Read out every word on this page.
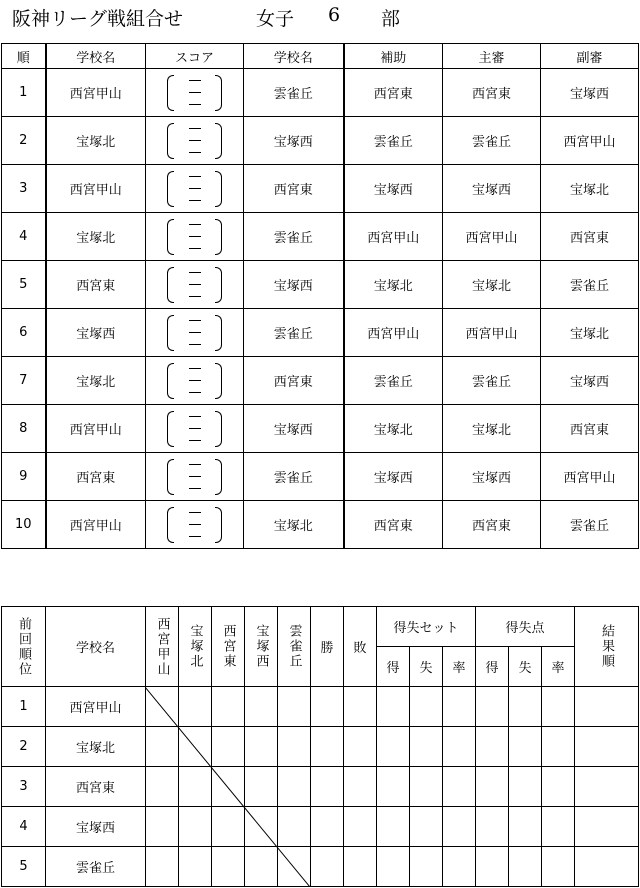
阪神リーグ戦組合せ	女子 6 部
順	学校名	スコア	学校名	補助	主審	副審
1	西宮甲山		雲雀丘	西宮東	西宮東	宝塚西
2	宝塚北		宝塚西	雲雀丘	雲雀丘	西宮甲山
3	西宮甲山		西宮東	宝塚西	宝塚西	宝塚北
4	宝塚北		雲雀丘	西宮甲山	西宮甲山	西宮東
5	西宮東		宝塚西	宝塚北	宝塚北	雲雀丘
6	宝塚西		雲雀丘	西宮甲山	西宮甲山	宝塚北
7	宝塚北		西宮東	雲雀丘	雲雀丘	宝塚西
8	西宮甲山		宝塚西	宝塚北	宝塚北	西宮東
9	西宮東		雲雀丘	宝塚西	宝塚西	西宮甲山
10	西宮甲山		宝塚北	西宮東	西宮東	雲雀丘
前回順位	学校名	西宮甲山	宝塚北	西宮東	宝塚西	雲雀丘	勝	敗	得失セット			得失点			結果順

									得	失	率	得	失	率	
1	西宮甲山														
2	宝塚北														
3	西宮東														
4	宝塚西														
5	雲雀丘														
